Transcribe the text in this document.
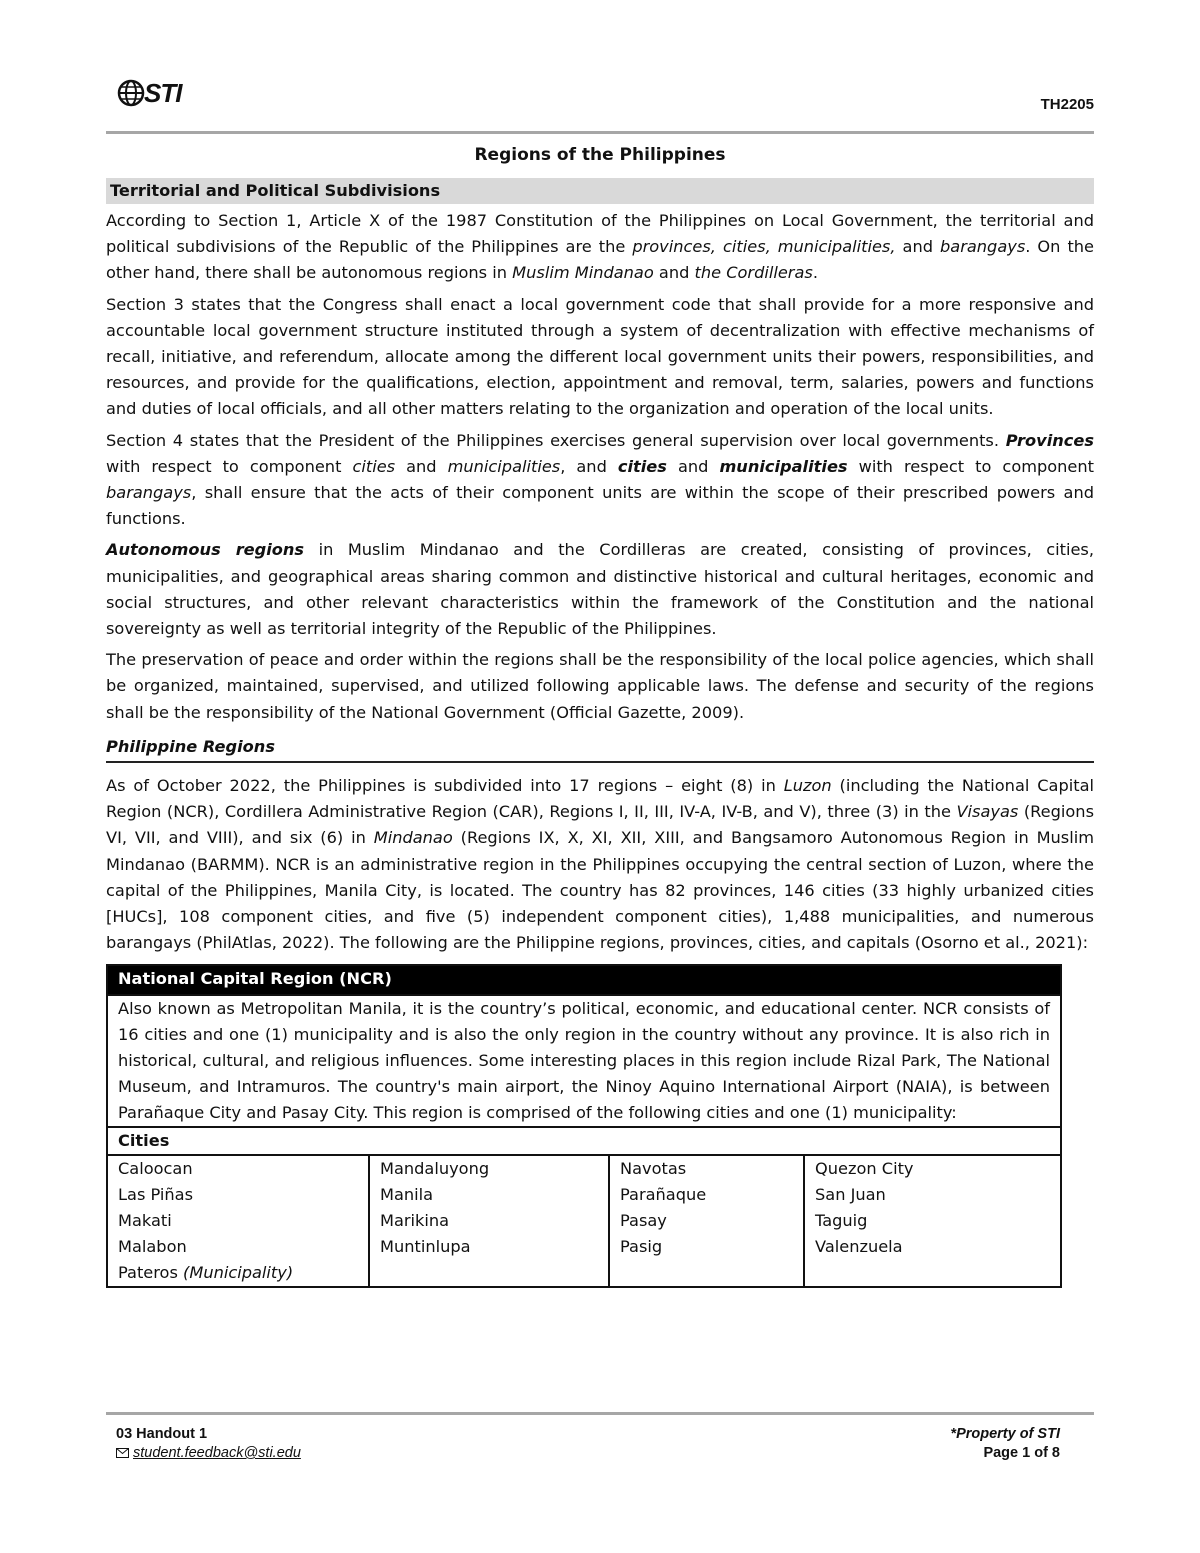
STI	TH2205
Regions of the Philippines
Territorial and Political Subdivisions

According to Section 1, Article X of the 1987 Constitution of the Philippines on Local Government, the territorial and political subdivisions of the Republic of the Philippines are the provinces, cities, municipalities, and barangays. On the other hand, there shall be autonomous regions in Muslim Mindanao and the Cordilleras.

Section 3 states that the Congress shall enact a local government code that shall provide for a more responsive and accountable local government structure instituted through a system of decentralization with effective mechanisms of recall, initiative, and referendum, allocate among the different local government units their powers, responsibilities, and resources, and provide for the qualifications, election, appointment and removal, term, salaries, powers and functions and duties of local officials, and all other matters relating to the organization and operation of the local units.

Section 4 states that the President of the Philippines exercises general supervision over local governments. Provinces with respect to component cities and municipalities, and cities and municipalities with respect to component barangays, shall ensure that the acts of their component units are within the scope of their prescribed powers and functions.

Autonomous regions in Muslim Mindanao and the Cordilleras are created, consisting of provinces, cities, municipalities, and geographical areas sharing common and distinctive historical and cultural heritages, economic and social structures, and other relevant characteristics within the framework of the Constitution and the national sovereignty as well as territorial integrity of the Republic of the Philippines.

The preservation of peace and order within the regions shall be the responsibility of the local police agencies, which shall be organized, maintained, supervised, and utilized following applicable laws. The defense and security of the regions shall be the responsibility of the National Government (Official Gazette, 2009).

Philippine Regions

As of October 2022, the Philippines is subdivided into 17 regions – eight (8) in Luzon (including the National Capital Region (NCR), Cordillera Administrative Region (CAR), Regions I, II, III, IV-A, IV-B, and V), three (3) in the Visayas (Regions VI, VII, and VIII), and six (6) in Mindanao (Regions IX, X, XI, XII, XIII, and Bangsamoro Autonomous Region in Muslim Mindanao (BARMM). NCR is an administrative region in the Philippines occupying the central section of Luzon, where the capital of the Philippines, Manila City, is located. The country has 82 provinces, 146 cities (33 highly urbanized cities [HUCs], 108 component cities, and five (5) independent component cities), 1,488 municipalities, and numerous barangays (PhilAtlas, 2022). The following are the Philippine regions, provinces, cities, and capitals (Osorno et al., 2021):

National Capital Region (NCR)
Also known as Metropolitan Manila, it is the country’s political, economic, and educational center. NCR consists of 16 cities and one (1) municipality and is also the only region in the country without any province. It is also rich in historical, cultural, and religious influences. Some interesting places in this region include Rizal Park, The National Museum, and Intramuros. The country's main airport, the Ninoy Aquino International Airport (NAIA), is between Parañaque City and Pasay City. This region is comprised of the following cities and one (1) municipality:
Cities

Caloocan
Las Piñas
Makati
Malabon
Pateros (Municipality)

Mandaluyong
Manila
Marikina
Muntinlupa

Navotas
Parañaque
Pasay
Pasig

Quezon City
San Juan
Taguig
Valenzuela
03 Handout 1
student.feedback@sti.edu
*Property of STI
Page 1 of 8
